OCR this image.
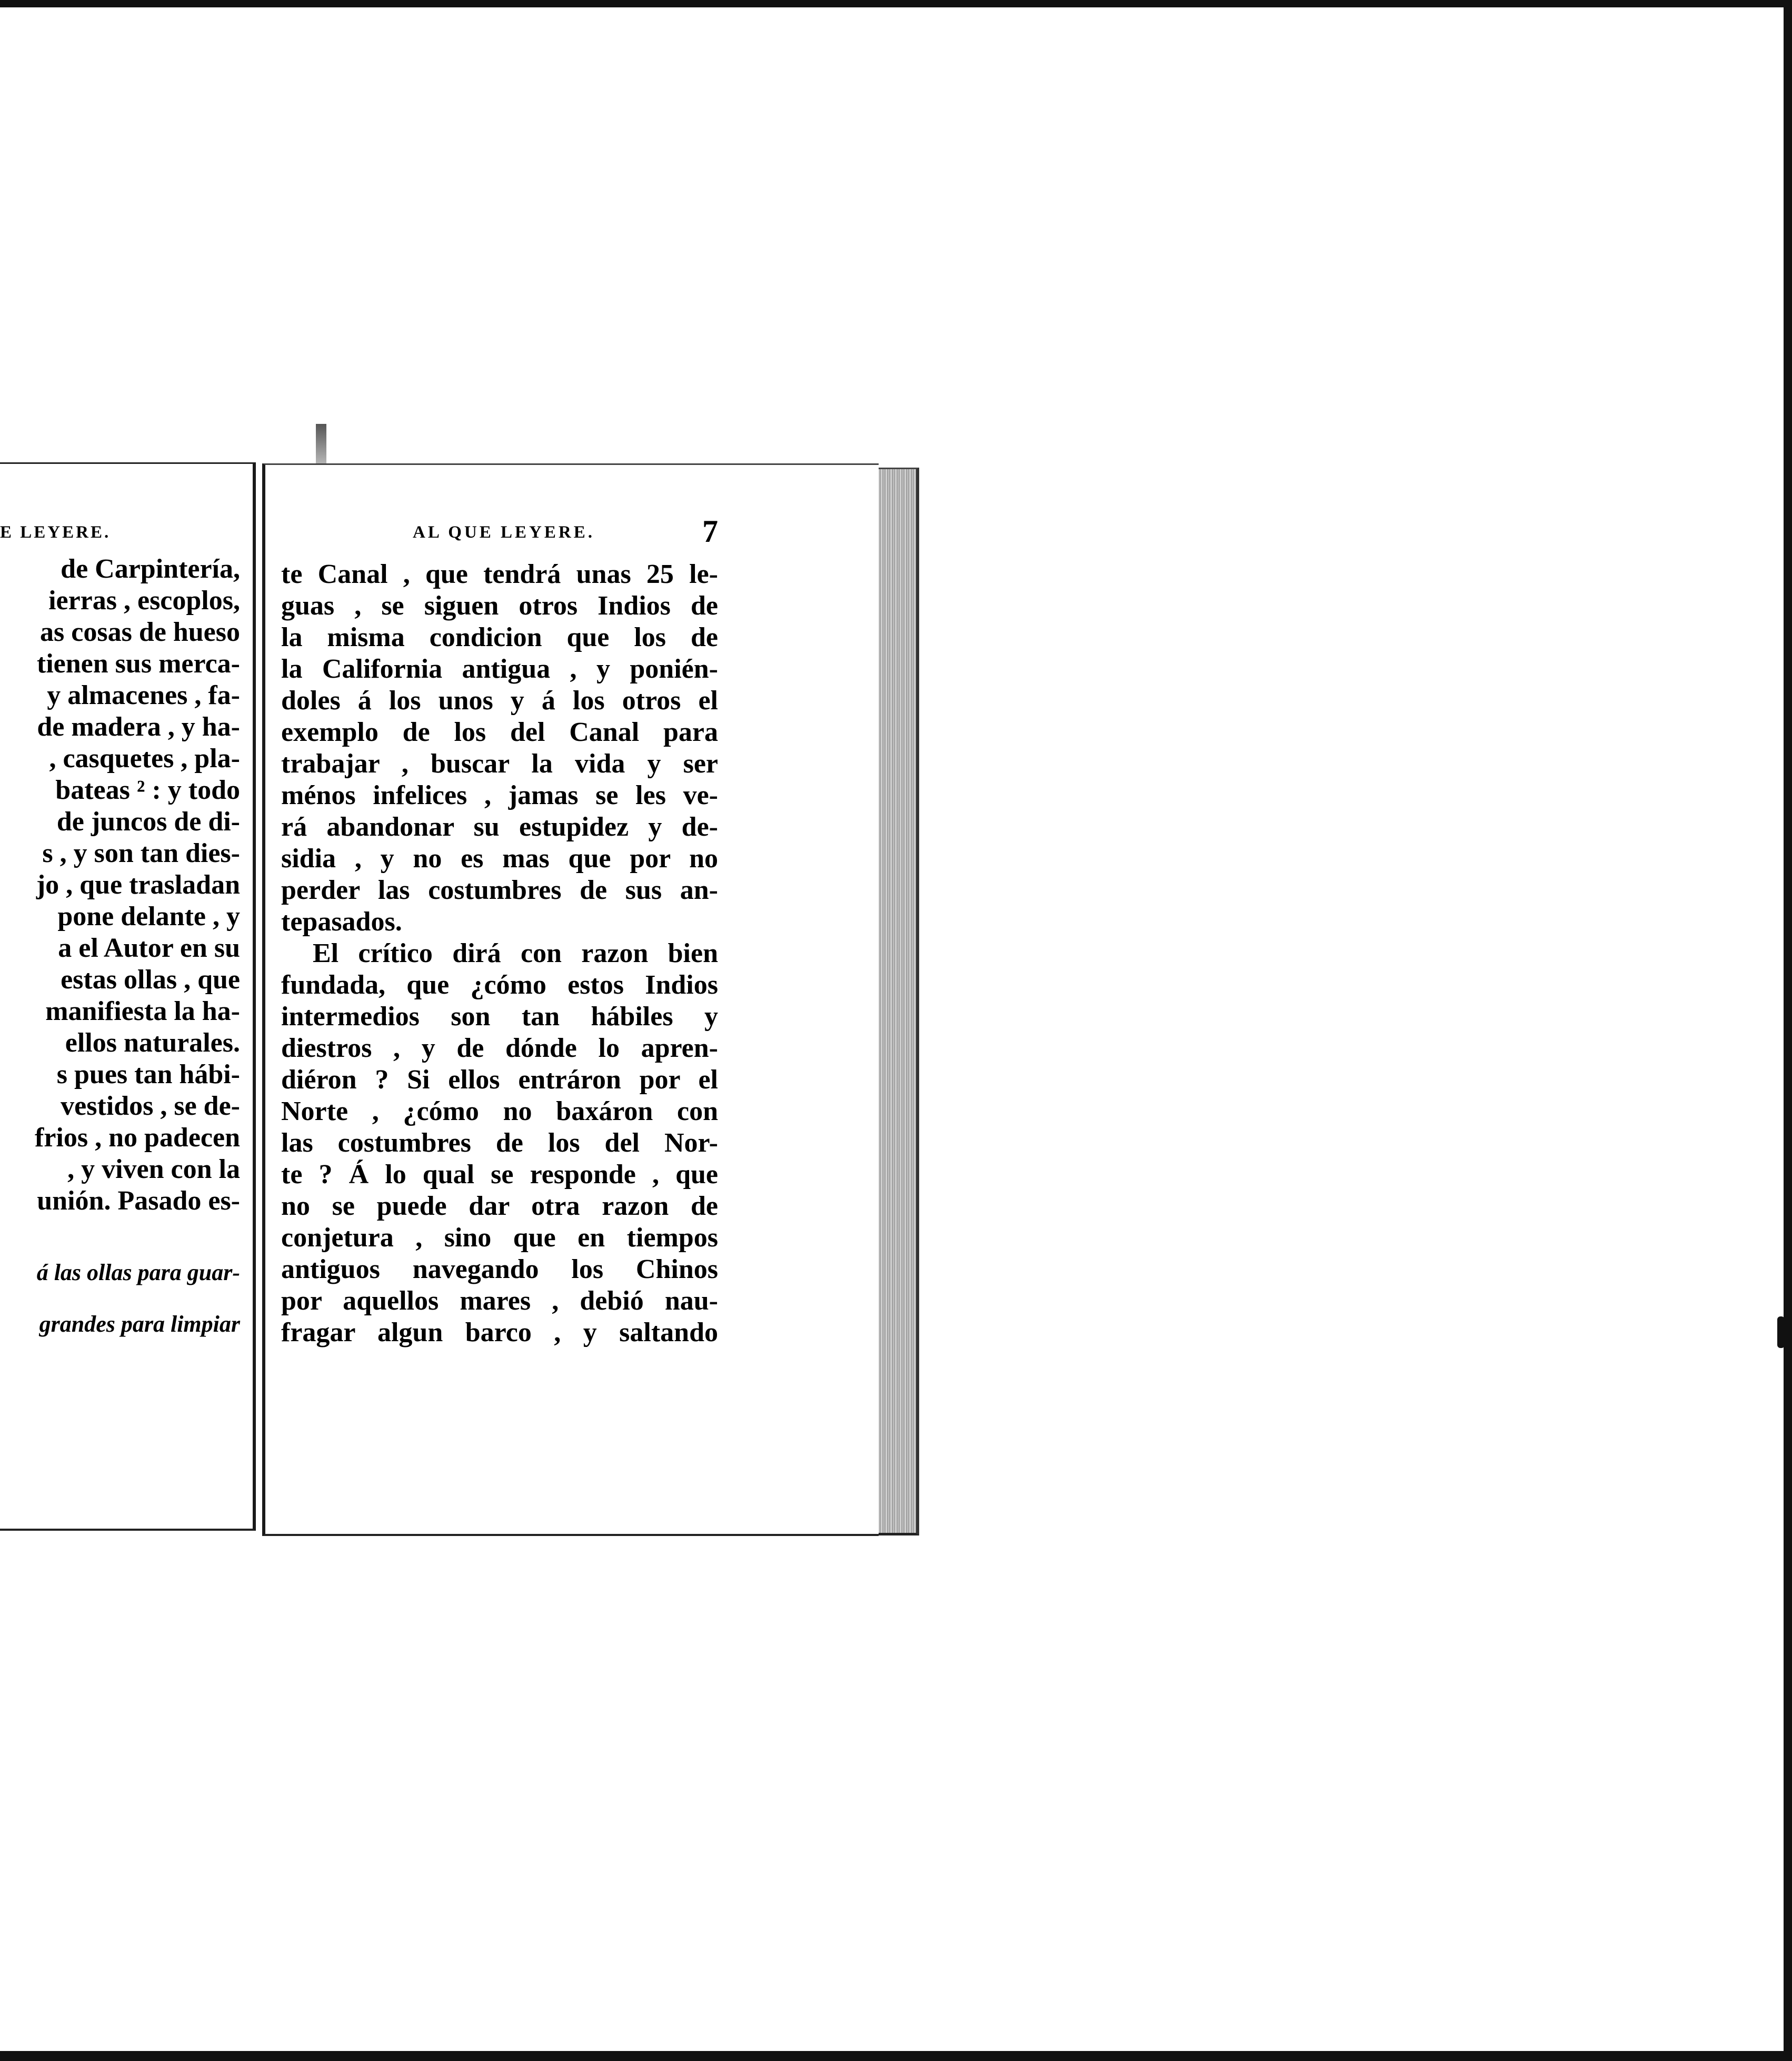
E LEYERE.
de Carpintería,
ierras , escoplos,
as cosas de hueso
tienen sus merca-
y almacenes , fa-
de madera , y ha-
, casquetes , pla-
bateas ² : y todo
de juncos de di-
s , y son tan dies-
jo , que trasladan
pone delante , y
a el Autor en su
estas ollas , que
manifiesta la ha-
ellos naturales.
s pues tan hábi-
vestidos , se de-
frios , no padecen
, y viven con la
unión. Pasado es-
á las ollas para guar-
grandes para limpiar
AL QUE LEYERE.	7
te Canal , que tendrá unas 25 le-
guas , se siguen otros Indios de
la misma condicion que los de
la California antigua , y ponién-
doles á los unos y á los otros el
exemplo de los del Canal para
trabajar , buscar la vida y ser
ménos infelices , jamas se les ve-
rá abandonar su estupidez y de-
sidia , y no es mas que por no
perder las costumbres de sus an-
tepasados.
El crítico dirá con razon bien
fundada, que ¿cómo estos Indios
intermedios son tan hábiles y
diestros , y de dónde lo apren-
diéron ? Si ellos entráron por el
Norte , ¿cómo no baxáron con
las costumbres de los del Nor-
te ? Á lo qual se responde , que
no se puede dar otra razon de
conjetura , sino que en tiempos
antiguos navegando los Chinos
por aquellos mares , debió nau-
fragar algun barco , y saltando
